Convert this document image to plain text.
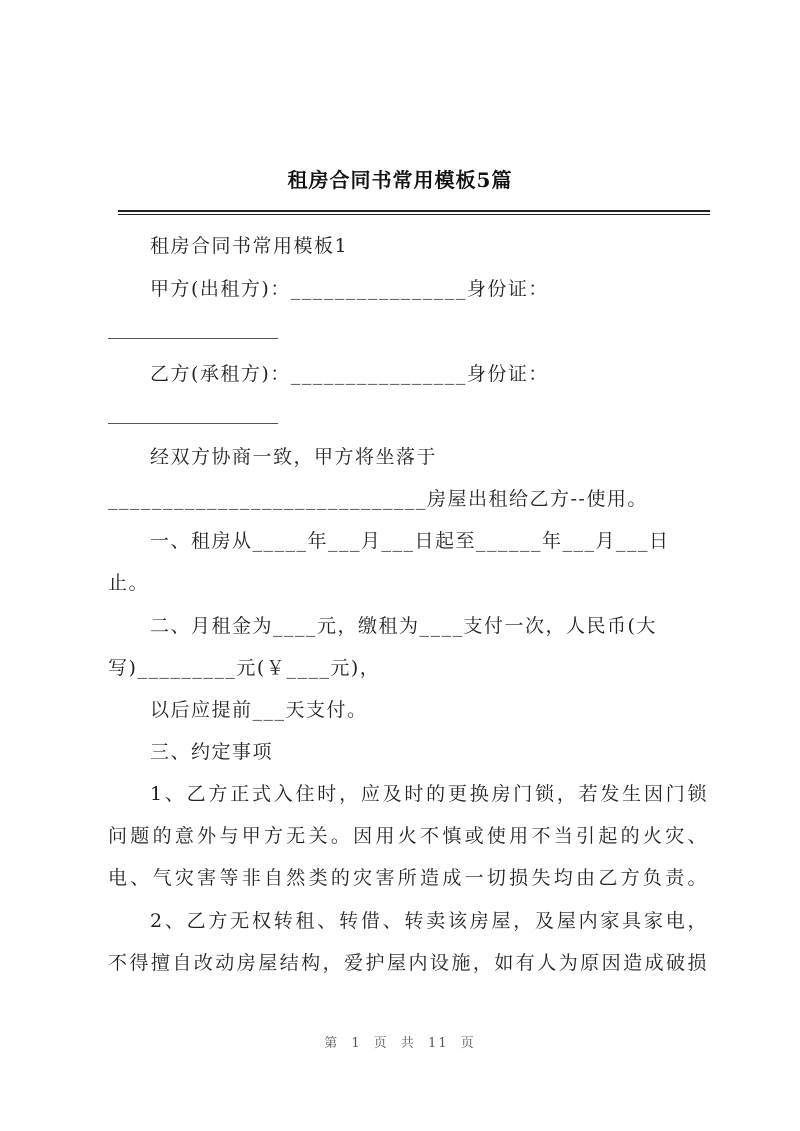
租房合同书常用模板5篇
租房合同书常用模板1
甲方(出租方)：________________身份证：
乙方(承租方)：________________身份证：
经双方协商一致，甲方将坐落于
_____________________________房屋出租给乙方--使用。
一、租房从_____年___月___日起至______年___月___日
止。
二、月租金为____元，缴租为____支付一次，人民币(大
写)_________元(￥____元)，
以后应提前___天支付。
三、约定事项
1、乙方正式入住时，应及时的更换房门锁，若发生因门锁
问题的意外与甲方无关。因用火不慎或使用不当引起的火灾、
电、气灾害等非自然类的灾害所造成一切损失均由乙方负责。
2、乙方无权转租、转借、转卖该房屋，及屋内家具家电，
不得擅自改动房屋结构，爱护屋内设施，如有人为原因造成破损
第 1 页 共 11 页
